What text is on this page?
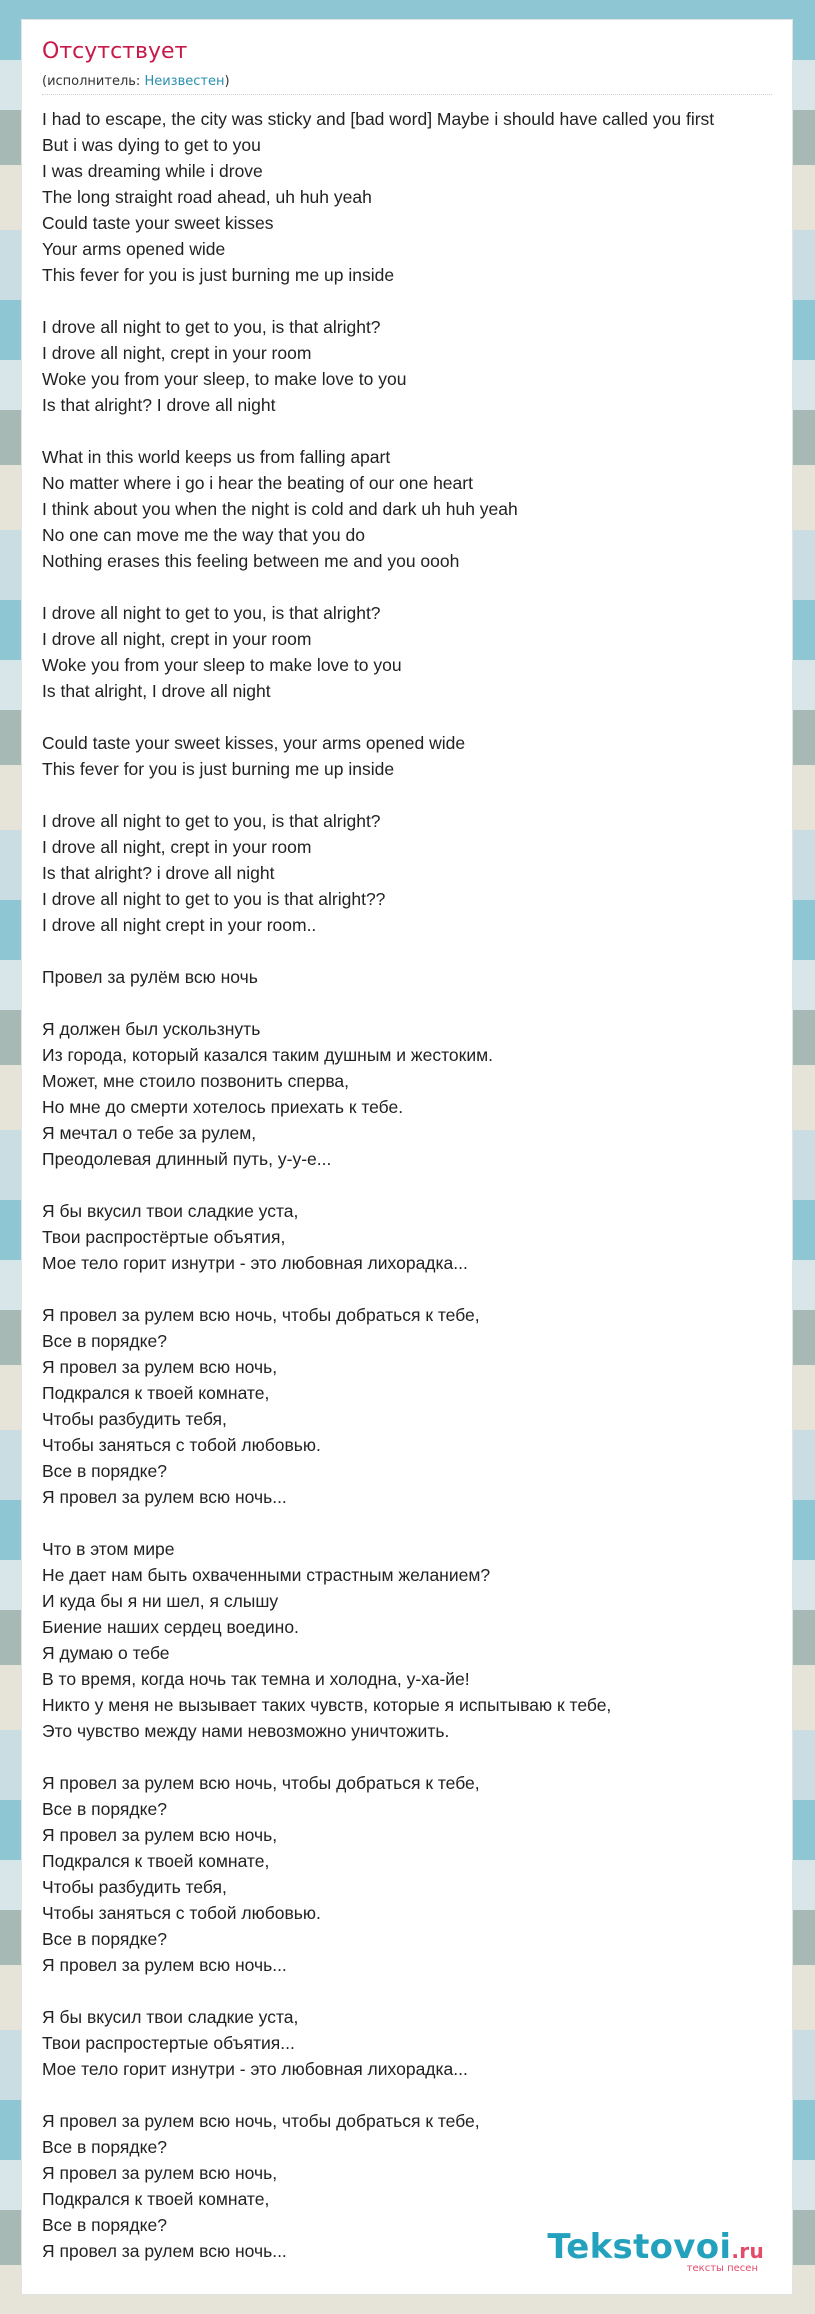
Отсутствует
(исполнитель: Неизвестен)
I had to escape, the city was sticky and [bad word] Maybe i should have called you first
But i was dying to get to you
I was dreaming while i drove
The long straight road ahead, uh huh yeah
Could taste your sweet kisses
Your arms opened wide
This fever for you is just burning me up inside
I drove all night to get to you, is that alright?
I drove all night, crept in your room
Woke you from your sleep, to make love to you
Is that alright? I drove all night
What in this world keeps us from falling apart
No matter where i go i hear the beating of our one heart
I think about you when the night is cold and dark uh huh yeah
No one can move me the way that you do
Nothing erases this feeling between me and you oooh
I drove all night to get to you, is that alright?
I drove all night, crept in your room
Woke you from your sleep to make love to you
Is that alright, I drove all night
Could taste your sweet kisses, your arms opened wide
This fever for you is just burning me up inside
I drove all night to get to you, is that alright?
I drove all night, crept in your room
Is that alright? i drove all night
I drove all night to get to you is that alright??
I drove all night crept in your room..
Провел за рулём всю ночь
Я должен был ускользнуть
Из города, который казался таким душным и жестоким.
Может, мне стоило позвонить сперва,
Но мне до смерти хотелось приехать к тебе.
Я мечтал о тебе за рулем,
Преодолевая длинный путь, у-у-е...
Я бы вкусил твои сладкие уста,
Твои распростёртые объятия,
Мое тело горит изнутри - это любовная лихорадка...
Я провел за рулем всю ночь, чтобы добраться к тебе,
Все в порядке?
Я провел за рулем всю ночь,
Подкрался к твоей комнате,
Чтобы разбудить тебя,
Чтобы заняться с тобой любовью.
Все в порядке?
Я провел за рулем всю ночь...
Что в этом мире
Не дает нам быть охваченными страстным желанием?
И куда бы я ни шел, я слышу
Биение наших сердец воедино.
Я думаю о тебе
В то время, когда ночь так темна и холодна, у-ха-йе!
Никто у меня не вызывает таких чувств, которые я испытываю к тебе,
Это чувство между нами невозможно уничтожить.
Я провел за рулем всю ночь, чтобы добраться к тебе,
Все в порядке?
Я провел за рулем всю ночь,
Подкрался к твоей комнате,
Чтобы разбудить тебя,
Чтобы заняться с тобой любовью.
Все в порядке?
Я провел за рулем всю ночь...
Я бы вкусил твои сладкие уста,
Твои распростертые объятия...
Мое тело горит изнутри - это любовная лихорадка...
Я провел за рулем всю ночь, чтобы добраться к тебе,
Все в порядке?
Я провел за рулем всю ночь,
Подкрался к твоей комнате,
Все в порядке?
Я провел за рулем всю ночь...	Tekstovoi.ru
тексты песен
